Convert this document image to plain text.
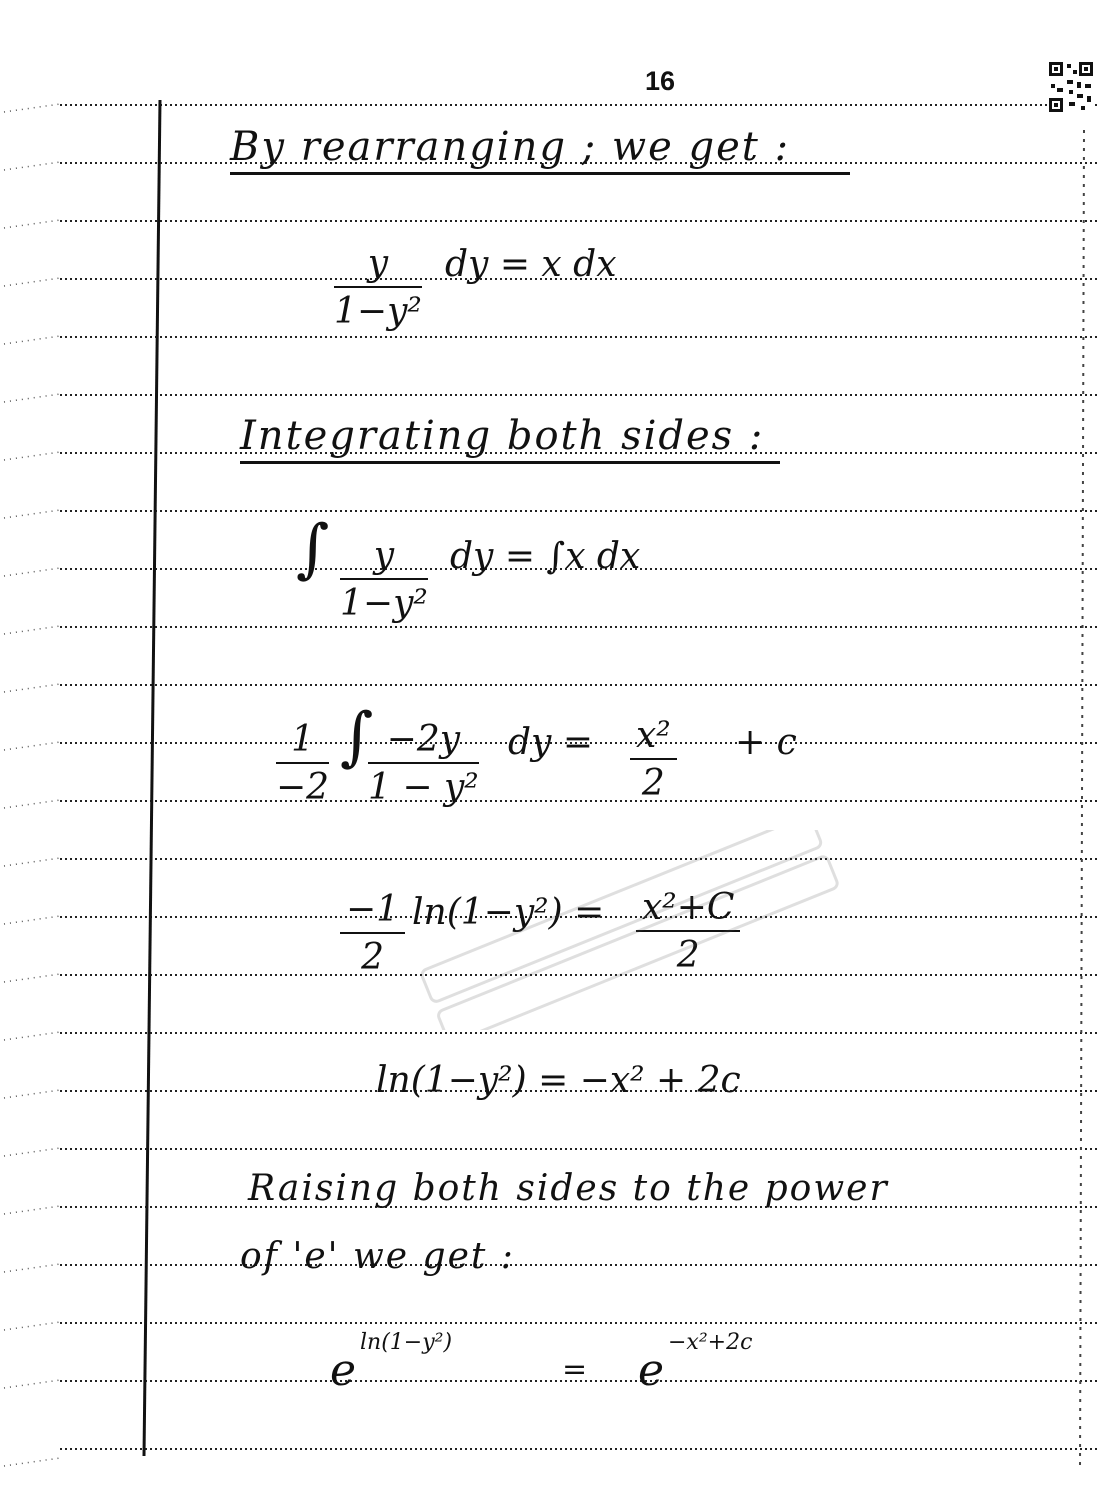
16
By rearranging ; we get :
$\frac{y}{\text{1−y²}}$ dy = x dx
Integrating both sides :
∫ $\frac{y}{\text{1−y²}}$ dy = ∫x dx
$\frac{1}{-2}$ ∫
$\frac{-2y}{\text{1 − y²}}$ dy = $\frac{\text{x²}}{2} + c$
$\frac{-1}{2} \ln(1-y^2) = \frac{\text{x²+C}}{2}$
ln(1−y²) = −x² + 2c
Raising both sides to the power
of 'e' we get :
e
ln(1−y²)
= e
−x²+2c
